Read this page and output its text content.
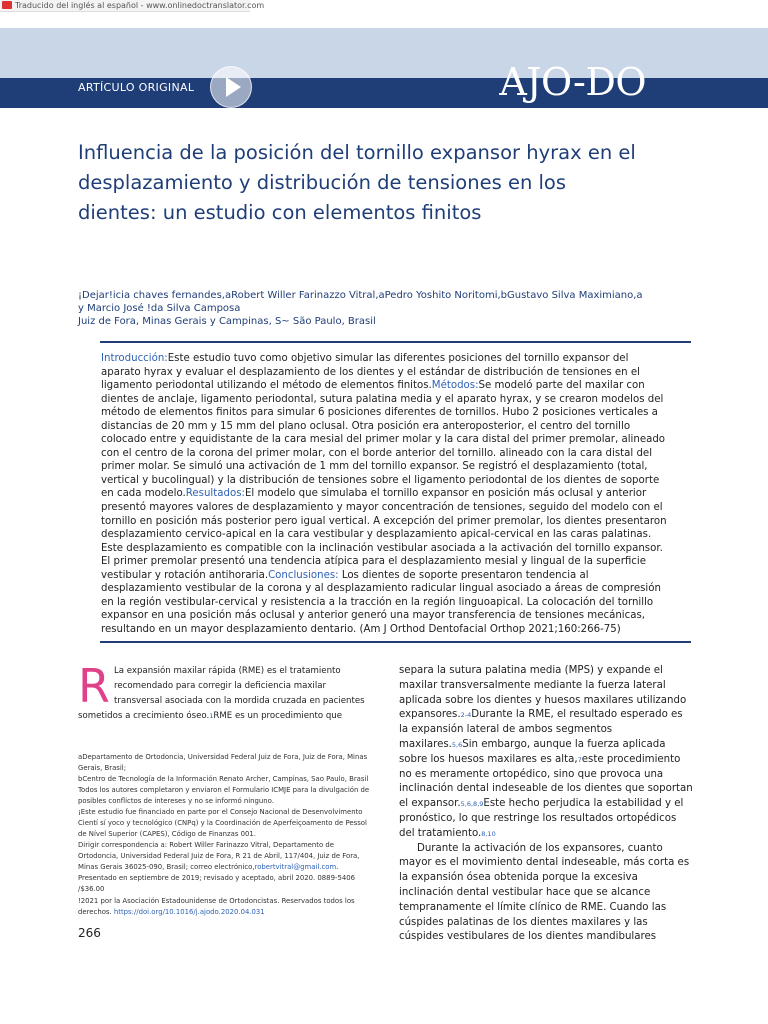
Traducido del inglés al español - www.onlinedoctranslator.com
ARTÍCULO ORIGINAL	AJO-DO
Influencia de la posición del tornillo expansor hyrax en el desplazamiento y distribución de tensiones en los dientes: un estudio con elementos finitos
¡Dejar!icia chaves fernandes,aRobert Willer Farinazzo Vitral,aPedro Yoshito Noritomi,bGustavo Silva Maximiano,a
y Marcio José !da Silva Camposa
Juiz de Fora, Minas Gerais y Campinas, S~ São Paulo, Brasil

Introducción:Este estudio tuvo como objetivo simular las diferentes posiciones del tornillo expansor del aparato hyrax y evaluar el desplazamiento de los dientes y el estándar de distribución de tensiones en el ligamento periodontal utilizando el método de elementos finitos.Métodos:Se modeló parte del maxilar con dientes de anclaje, ligamento periodontal, sutura palatina media y el aparato hyrax, y se crearon modelos del método de elementos finitos para simular 6 posiciones diferentes de tornillos. Hubo 2 posiciones verticales a distancias de 20 mm y 15 mm del plano oclusal. Otra posición era anteroposterior, el centro del tornillo colocado entre y equidistante de la cara mesial del primer molar y la cara distal del primer premolar, alineado con el centro de la corona del primer molar, con el borde anterior del tornillo. alineado con la cara distal del primer molar. Se simuló una activación de 1 mm del tornillo expansor. Se registró el desplazamiento (total, vertical y bucolingual) y la distribución de tensiones sobre el ligamento periodontal de los dientes de soporte en cada modelo.Resultados:El modelo que simulaba el tornillo expansor en posición más oclusal y anterior presentó mayores valores de desplazamiento y mayor concentración de tensiones, seguido del modelo con el tornillo en posición más posterior pero igual vertical. A excepción del primer premolar, los dientes presentaron desplazamiento cervico-apical en la cara vestibular y desplazamiento apical-cervical en las caras palatinas. Este desplazamiento es compatible con la inclinación vestibular asociada a la activación del tornillo expansor. El primer premolar presentó una tendencia atípica para el desplazamiento mesial y lingual de la superficie vestibular y rotación antihoraria.Conclusiones: Los dientes de soporte presentaron tendencia al desplazamiento vestibular de la corona y al desplazamiento radicular lingual asociado a áreas de compresión en la región vestibular-cervical y resistencia a la tracción en la región linguoapical. La colocación del tornillo expansor en una posición más oclusal y anterior generó una mayor transferencia de tensiones mecánicas, resultando en un mayor desplazamiento dentario. (Am J Orthod Dentofacial Orthop 2021;160:266-75)

R La expansión maxilar rápida (RME) es el tratamiento recomendado para corregir la deficiencia maxilar transversal asociada con la mordida cruzada en pacientes sometidos a crecimiento óseo.1RME es un procedimiento que

aDepartamento de Ortodoncia, Universidad Federal Juiz de Fora, Juiz de Fora, Minas Gerais, Brasil;

bCentro de Tecnología de la Información Renato Archer, Campinas, Sao Paulo, Brasil

Todos los autores completaron y enviaron el Formulario ICMJE para la divulgación de posibles conflictos de intereses y no se informó ninguno.

¡Este estudio fue financiado en parte por el Consejo Nacional de Desenvolvimento Cientí sí yoco y tecnológico (CNPq) y la Coordinación de Aperfeiçoamento de Pessol de Nível Superior (CAPES), Código de Finanzas 001.

Dirigir correspondencia a: Robert Willer Farinazzo Vitral, Departamento de Ortodoncia, Universidad Federal Juiz de Fora, R 21 de Abril, 117/404, Juiz de Fora, Minas Gerais 36025-090, Brasil; correo electrónico,robertvitral@gmail.com. Presentado en septiembre de 2019; revisado y aceptado, abril 2020. 0889-5406 /$36.00

!2021 por la Asociación Estadounidense de Ortodoncistas. Reservados todos los derechos. https://doi.org/10.1016/j.ajodo.2020.04.031

266

separa la sutura palatina media (MPS) y expande el maxilar transversalmente mediante la fuerza lateral aplicada sobre los dientes y huesos maxilares utilizando expansores.2-4Durante la RME, el resultado esperado es la expansión lateral de ambos segmentos maxilares.5,6Sin embargo, aunque la fuerza aplicada sobre los huesos maxilares es alta,7este procedimiento no es meramente ortopédico, sino que provoca una inclinación dental indeseable de los dientes que soportan el expansor.5,6,8,9Este hecho perjudica la estabilidad y el pronóstico, lo que restringe los resultados ortopédicos del tratamiento.8,10

Durante la activación de los expansores, cuanto mayor es el movimiento dental indeseable, más corta es la expansión ósea obtenida porque la excesiva inclinación dental vestibular hace que se alcance tempranamente el límite clínico de RME. Cuando las cúspides palatinas de los dientes maxilares y las cúspides vestibulares de los dientes mandibulares
